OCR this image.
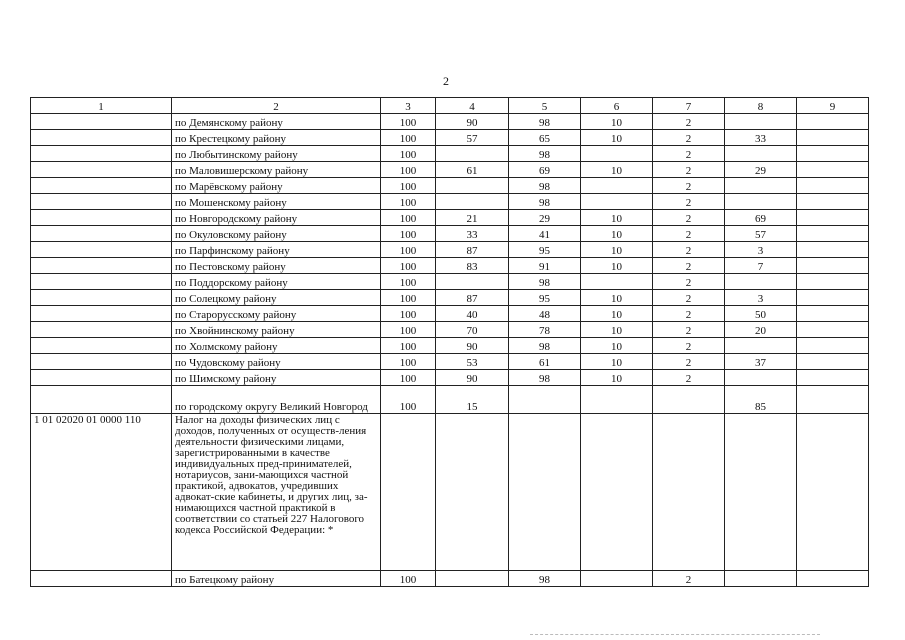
2
1	2	3	4	5	6	7	8	9
	по Демянскому району	100	90	98	10	2		
	по Крестецкому району	100	57	65	10	2	33	
	по Любытинскому району	100		98		2		
	по Маловишерскому району	100	61	69	10	2	29	
	по Марёвскому району	100		98		2		
	по Мошенскому району	100		98		2		
	по Новгородскому району	100	21	29	10	2	69	
	по Окуловскому району	100	33	41	10	2	57	
	по Парфинскому району	100	87	95	10	2	3	
	по Пестовскому району	100	83	91	10	2	7	
	по Поддорскому району	100		98		2		
	по Солецкому району	100	87	95	10	2	3	
	по Старорусскому району	100	40	48	10	2	50	
	по Хвойнинскому району	100	70	78	10	2	20	
	по Холмскому району	100	90	98	10	2		
	по Чудовскому району	100	53	61	10	2	37	
	по Шимскому району	100	90	98	10	2		
	по городскому округу Великий Новгород	100	15				85	
1 01 02020 01 0000 110	Налог на доходы физических лиц с доходов, полученных от осуществ-ления деятельности физическими лицами, зарегистрированными в качестве индивидуальных пред-принимателей, нотариусов, зани-мающихся частной практикой, адвокатов, учредивших адвокат-ские кабинеты, и других лиц, за-нимающихся частной практикой в соответствии со статьей 227 Налогового кодекса Российской Федерации: *							
	по Батецкому району	100		98		2		
